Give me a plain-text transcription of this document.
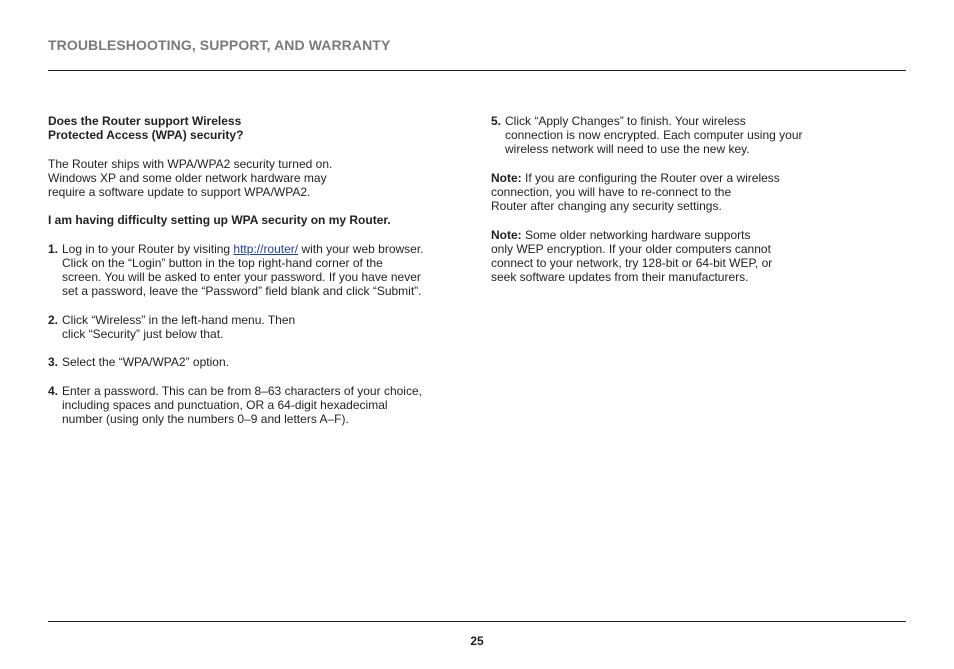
TROUBLESHOOTING, SUPPORT, AND WARRANTY

Does the Router support Wireless
Protected Access (WPA) security?

The Router ships with WPA/WPA2 security turned on.
Windows XP and some older network hardware may
require a software update to support WPA/WPA2.

I am having difficulty setting up WPA security on my Router.

1. Log in to your Router by visiting http://router/ with your web browser.
Click on the “Login” button in the top right-hand corner of the
screen. You will be asked to enter your password. If you have never
set a password, leave the “Password” field blank and click “Submit”.
2. Click “Wireless” in the left-hand menu. Then
click “Security” just below that.
3. Select the “WPA/WPA2” option.
4. Enter a password. This can be from 8–63 characters of your choice,
including spaces and punctuation, OR a 64-digit hexadecimal
number (using only the numbers 0–9 and letters A–F).
5. Click “Apply Changes” to finish. Your wireless
connection is now encrypted. Each computer using your
wireless network will need to use the new key.

Note: If you are configuring the Router over a wireless
connection, you will have to re-connect to the
Router after changing any security settings.

Note: Some older networking hardware supports
only WEP encryption. If your older computers cannot
connect to your network, try 128-bit or 64-bit WEP, or
seek software updates from their manufacturers.

25
